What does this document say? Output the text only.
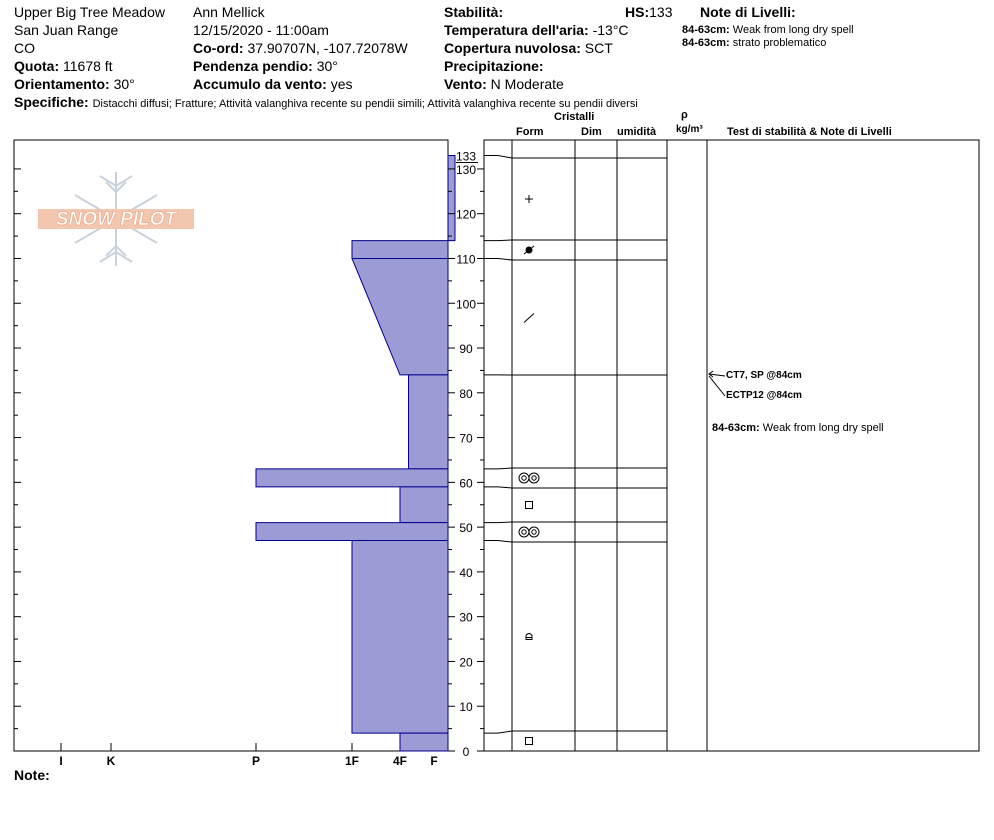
Upper Big Tree Meadow
San Juan Range
CO
Quota: 11678 ft
Orientamento: 30°
Specifiche: Distacchi diffusi; Fratture; Attività valanghiva recente su pendii simili; Attività valanghiva recente su pendii diversi
Ann Mellick
12/15/2020 - 11:00am
Co-ord: 37.90707N, -107.72078W
Pendenza pendio: 30°
Accumulo da vento: yes
Stabilità:	HS:133
Temperatura dell'aria: -13°C
Copertura nuvolosa: SCT
Precipitazione:
Vento: N Moderate
Note di Livelli:
84-63cm: Weak from long dry spell
84-63cm: strato problematico
Cristalli
Form	Dim umidità
ρ
kg/m³ Test di stabilità & Note di Livelli
CT7, SP @84cm
ECTP12 @84cm
84-63cm: Weak from long dry spell
Note:
SNOW PILOT
I	K	P	1F	4F F
0
10
20
30
40
50
60
70
80
90
100
110
120
130
133
